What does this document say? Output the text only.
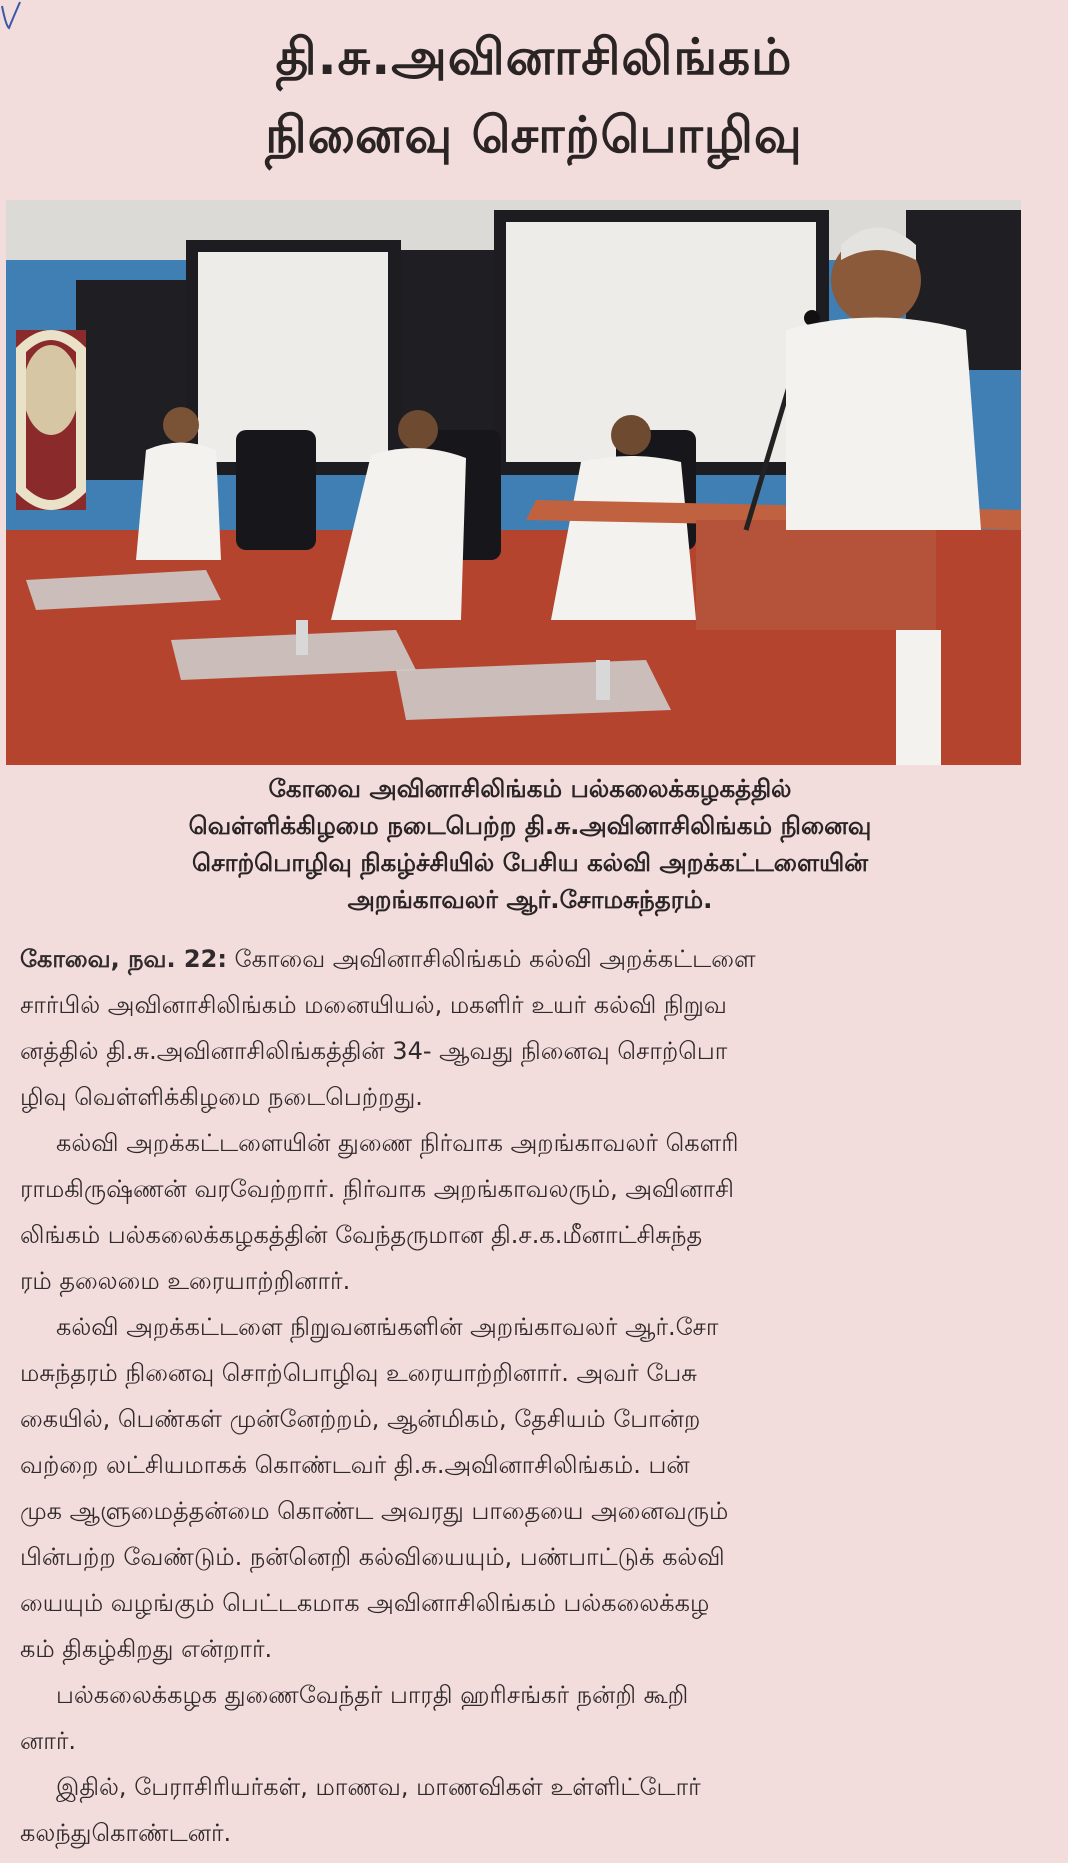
தி.சு.அவினாசிலிங்கம்
நினைவு சொற்பொழிவு
கோவை அவினாசிலிங்கம் பல்கலைக்கழகத்தில்
வெள்ளிக்கிழமை நடைபெற்ற தி.சு.அவினாசிலிங்கம் நினைவு
சொற்பொழிவு நிகழ்ச்சியில் பேசிய கல்வி அறக்கட்டளையின்
அறங்காவலர் ஆர்.சோமசுந்தரம்.
கோவை, நவ. 22: கோவை அவினாசிலிங்கம் கல்வி அறக்கட்டளை
சார்பில் அவினாசிலிங்கம் மனையியல், மகளிர் உயர் கல்வி நிறுவ
னத்தில் தி.சு.அவினாசிலிங்கத்தின் 34- ஆவது நினைவு சொற்பொ
ழிவு வெள்ளிக்கிழமை நடைபெற்றது.
கல்வி அறக்கட்டளையின் துணை நிர்வாக அறங்காவலர் கௌரி
ராமகிருஷ்ணன் வரவேற்றார். நிர்வாக அறங்காவலரும், அவினாசி
லிங்கம் பல்கலைக்கழகத்தின் வேந்தருமான தி.ச.க.மீனாட்சிசுந்த
ரம் தலைமை உரையாற்றினார்.
கல்வி அறக்கட்டளை நிறுவனங்களின் அறங்காவலர் ஆர்.சோ
மசுந்தரம் நினைவு சொற்பொழிவு உரையாற்றினார். அவர் பேசு
கையில், பெண்கள் முன்னேற்றம், ஆன்மிகம், தேசியம் போன்ற
வற்றை லட்சியமாகக் கொண்டவர் தி.சு.அவினாசிலிங்கம். பன்
முக ஆளுமைத்தன்மை கொண்ட அவரது பாதையை அனைவரும்
பின்பற்ற வேண்டும். நன்னெறி கல்வியையும், பண்பாட்டுக் கல்வி
யையும் வழங்கும் பெட்டகமாக அவினாசிலிங்கம் பல்கலைக்கழ
கம் திகழ்கிறது என்றார்.
பல்கலைக்கழக துணைவேந்தர் பாரதி ஹரிசங்கர் நன்றி கூறி
னார்.
இதில், பேராசிரியர்கள், மாணவ, மாணவிகள் உள்ளிட்டோர்
கலந்துகொண்டனர்.
